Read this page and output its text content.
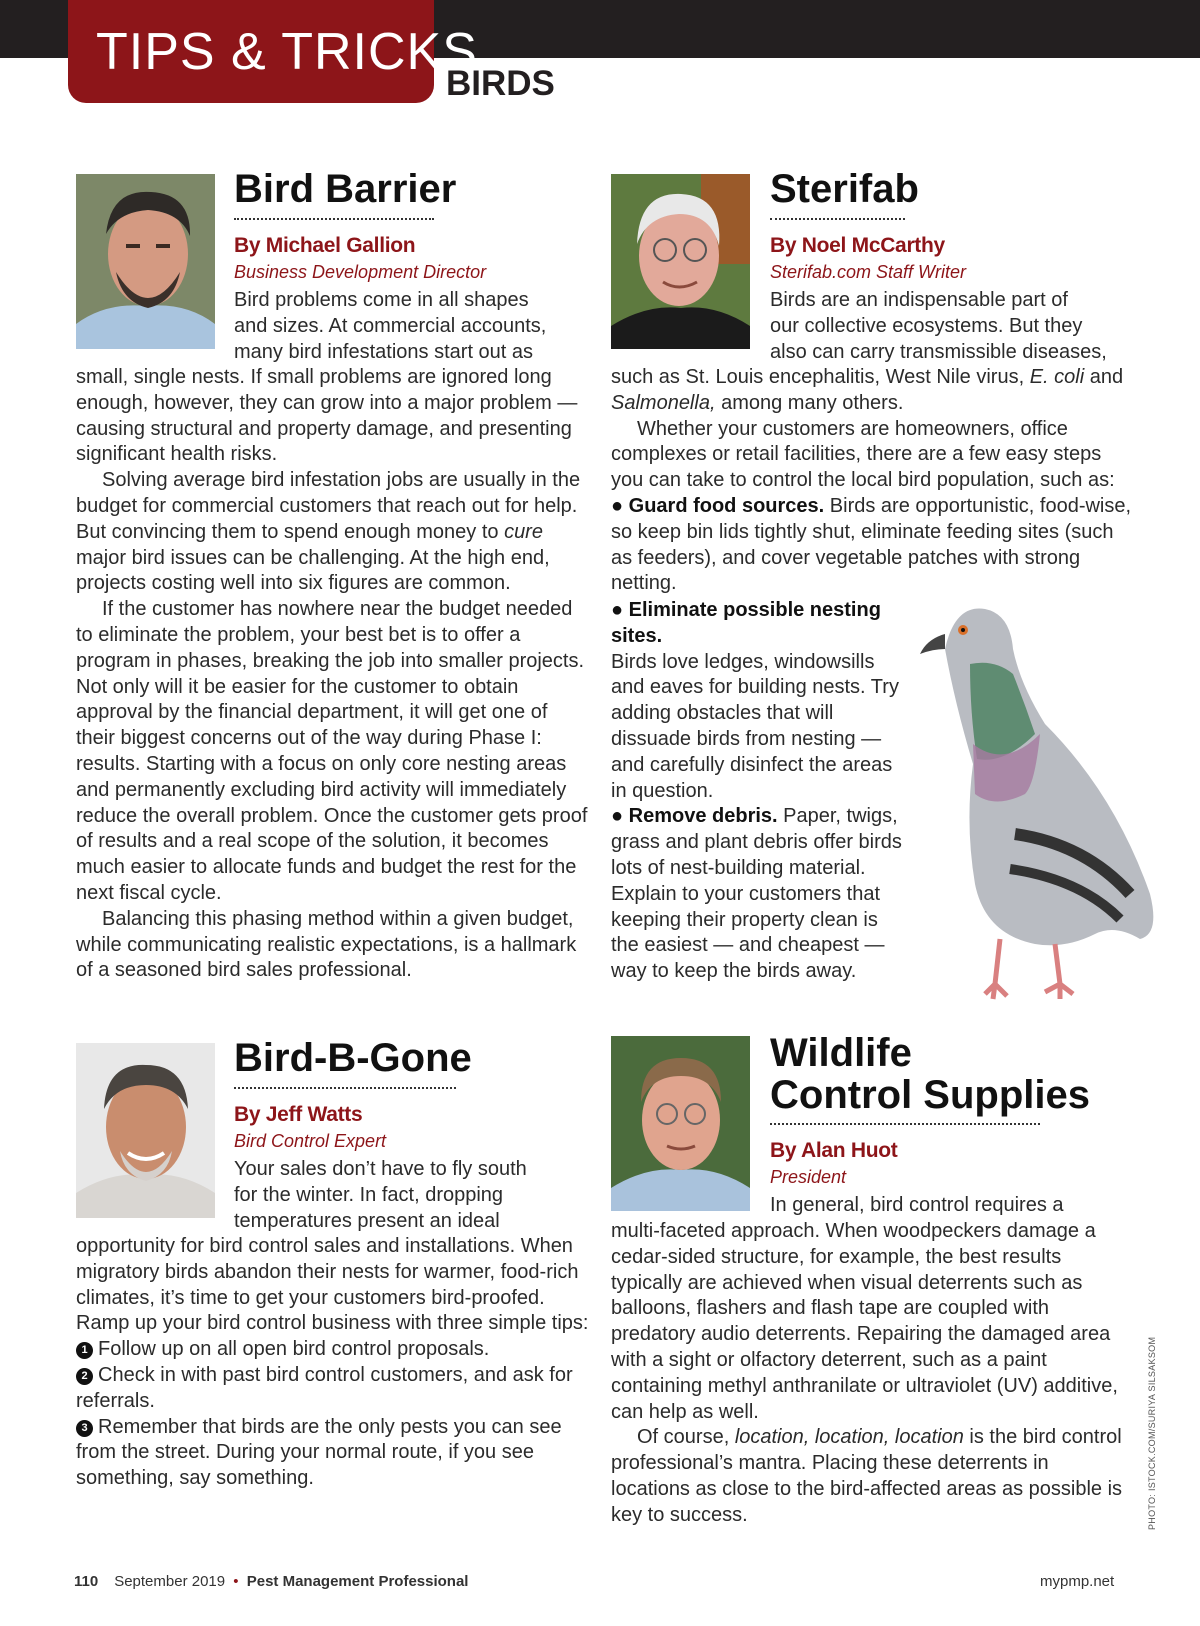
TIPS & TRICKS
BIRDS
Bird Barrier
By Michael Gallion
Business Development Director

Bird problems come in all shapes

and sizes. At commercial accounts,

many bird infestations start out as

small, single nests. If small problems are ignored long enough, however, they can grow into a major problem — causing structural and property damage, and presenting significant health risks.

Solving average bird infestation jobs are usually in the budget for commercial customers that reach out for help. But convincing them to spend enough money to cure major bird issues can be challenging. At the high end, projects costing well into six figures are common.

If the customer has nowhere near the budget needed to eliminate the problem, your best bet is to offer a program in phases, breaking the job into smaller projects. Not only will it be easier for the customer to obtain approval by the financial department, it will get one of their biggest concerns out of the way during Phase I: results. Starting with a focus on only core nesting areas and permanently excluding bird activity will immediately reduce the overall problem. Once the customer gets proof of results and a real scope of the solution, it becomes much easier to allocate funds and budget the rest for the next fiscal cycle.

Balancing this phasing method within a given budget, while communicating realistic expectations, is a hallmark of a seasoned bird sales professional.

Sterifab
By Noel McCarthy
Sterifab.com Staff Writer

Birds are an indispensable part of

our collective ecosystems. But they

also can carry transmissible diseases,

such as St. Louis encephalitis, West Nile virus, E. coli and Salmonella, among many others.

Whether your customers are homeowners, office complexes or retail facilities, there are a few easy steps you can take to control the local bird population, such as:

● Guard food sources. Birds are opportunistic, food-wise, so keep bin lids tightly shut, eliminate feeding sites (such as feeders), and cover vegetable patches with strong netting.

● Eliminate possible nesting sites.

Birds love ledges, windowsills and eaves for building nests. Try adding obstacles that will dissuade birds from nesting — and carefully disinfect the areas in question.

● Remove debris. Paper, twigs, grass and plant debris offer birds lots of nest-building material. Explain to your customers that keeping their property clean is the easiest — and cheapest — way to keep the birds away.

Bird-B-Gone
By Jeff Watts
Bird Control Expert

Your sales don’t have to fly south

for the winter. In fact, dropping

temperatures present an ideal

opportunity for bird control sales and installations. When migratory birds abandon their nests for warmer, food-rich climates, it’s time to get your customers bird-proofed. Ramp up your bird control business with three simple tips:

1 Follow up on all open bird control proposals.

2 Check in with past bird control customers, and ask for referrals.

3 Remember that birds are the only pests you can see from the street. During your normal route, if you see something, say something.

Wildlife
Control Supplies
By Alan Huot
President

In general, bird control requires a

multi-faceted approach. When woodpeckers damage a cedar-sided structure, for example, the best results typically are achieved when visual deterrents such as balloons, flashers and flash tape are coupled with predatory audio deterrents. Repairing the damaged area with a sight or olfactory deterrent, such as a paint containing methyl anthranilate or ultraviolet (UV) additive, can help as well.

Of course, location, location, location is the bird control professional’s mantra. Placing these deterrents in locations as close to the bird-affected areas as possible is key to success.	PHOTO: ISTOCK.COM/SURIYA SILSAKSOM
110 September 2019 • Pest Management Professional	mypmp.net
